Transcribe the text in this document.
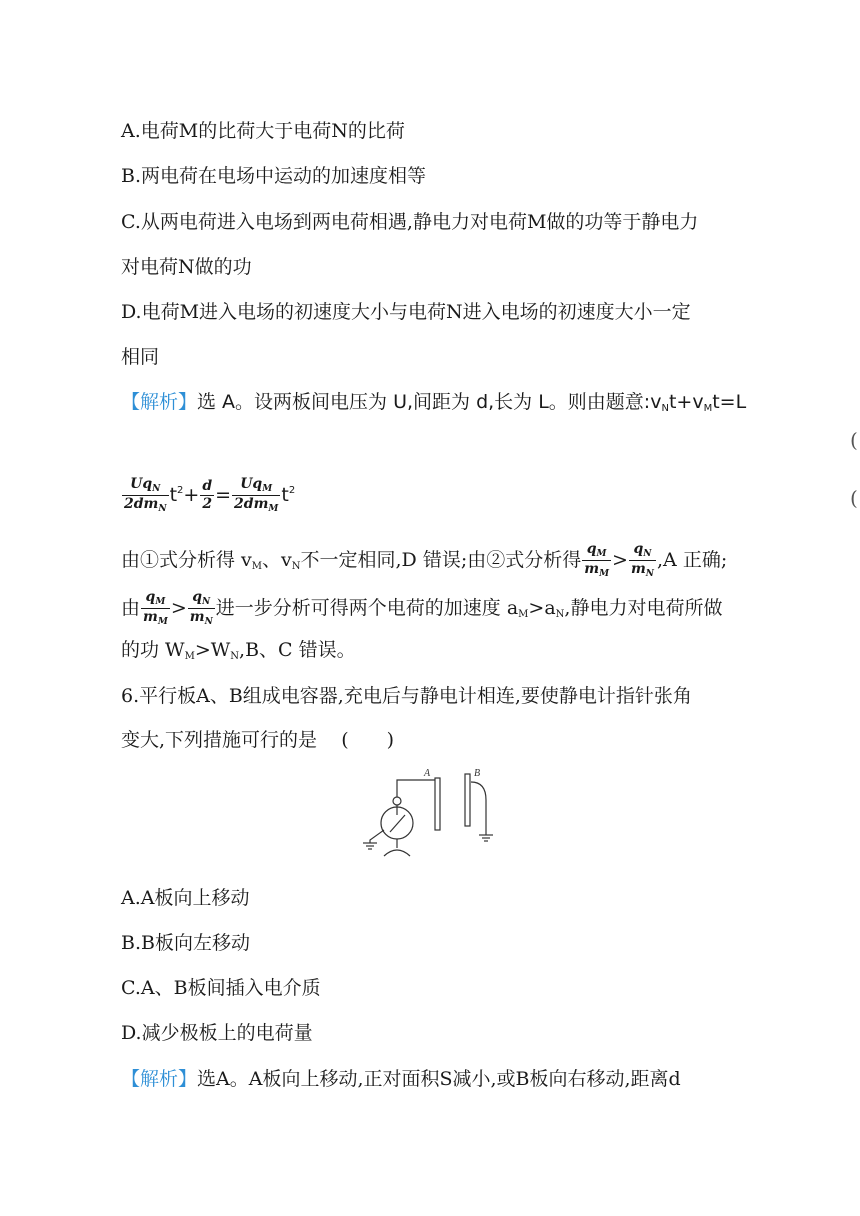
A.电荷M的比荷大于电荷N的比荷
B.两电荷在电场中运动的加速度相等
C.从两电荷进入电场到两电荷相遇,静电力对电荷M做的功等于静电力
对电荷N做的功
D.电荷M进入电场的初速度大小与电荷N进入电场的初速度大小一定
相同
【解析】选 A。设两板间电压为 U,间距为 d,长为 L。则由题意$:v_Nt+v_Mt=L$
(
(
$\frac{Uq_N}{2dm_N} t^2+ \frac{d}{2} = \frac{Uq_M}{2dm_M} t^2$
由①式分析得 $v_M$、$v_N$不一定相同,D 错误;由②式分析得 $\frac{q_M}{m_M} > \frac{q_N}{m_N} ,A$ 正确;
由 $\frac{q_M}{m_M} > \frac{q_N}{m_N}$ 进一步分析可得两个电荷的加速度 $a_M>a_N$,静电力对电荷所做
的功 $W_M>W_N,B$、C 错误。
6.平行板A、B组成电容器,充电后与静电计相连,要使静电计指针张角
变大,下列措施可行的是 (　　)
A	B
A.A板向上移动
B.B板向左移动
C.A、B板间插入电介质
D.减少极板上的电荷量
【解析】选A。A板向上移动,正对面积S减小,或B板向右移动,距离d
